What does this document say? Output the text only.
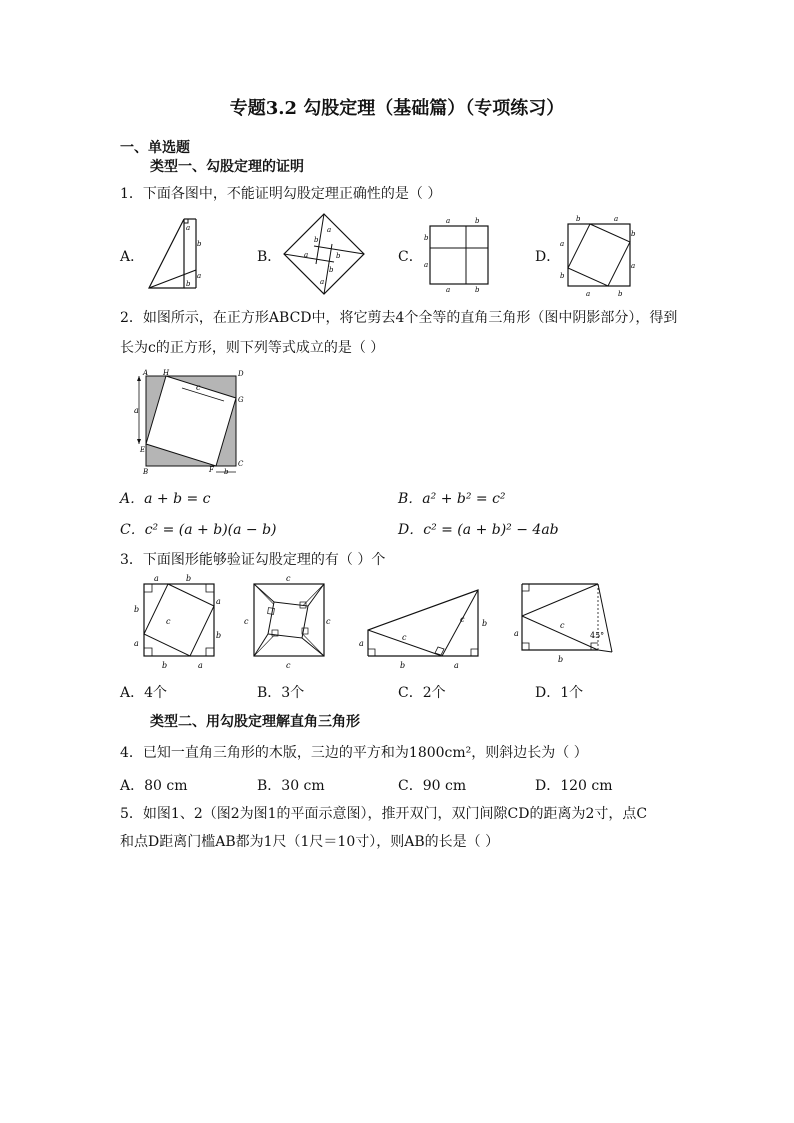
专题3.2 勾股定理（基础篇）（专项练习）
一、单选题
类型一、勾股定理的证明
1．下面各图中，不能证明勾股定理正确性的是（ ）
A．
a
b
a
b
B．
a
b
b
a
b
a
C．
a	b
b
a
a	b
D．
b	a
a
b
b
a
a	b
2．如图所示，在正方形ABCD中，将它剪去4个全等的直角三角形（图中阴影部分），得到
长为c的正方形，则下列等式成立的是（ ）
A H	D
G
E
B	F
C
a
c
b
A．a + b = c	B．a² + b² = c²
C．c² = (a + b)(a − b)	D．c² = (a + b)² − 4ab
3．下面图形能够验证勾股定理的有（ ）个
a	b
b
a
a
b
b	a
c
c
c	c
c
a
b	a
b
c
c
a
b
c
45°
A．4个	B．3个	C．2个	D．1个
类型二、用勾股定理解直角三角形
4．已知一直角三角形的木版，三边的平方和为1800cm²，则斜边长为（ ）
A．80 cm	B．30 cm	C．90 cm	D．120 cm
5．如图1、2（图2为图1的平面示意图），推开双门，双门间隙CD的距离为2寸，点C
和点D距离门槛AB都为1尺（1尺＝10寸），则AB的长是（ ）
